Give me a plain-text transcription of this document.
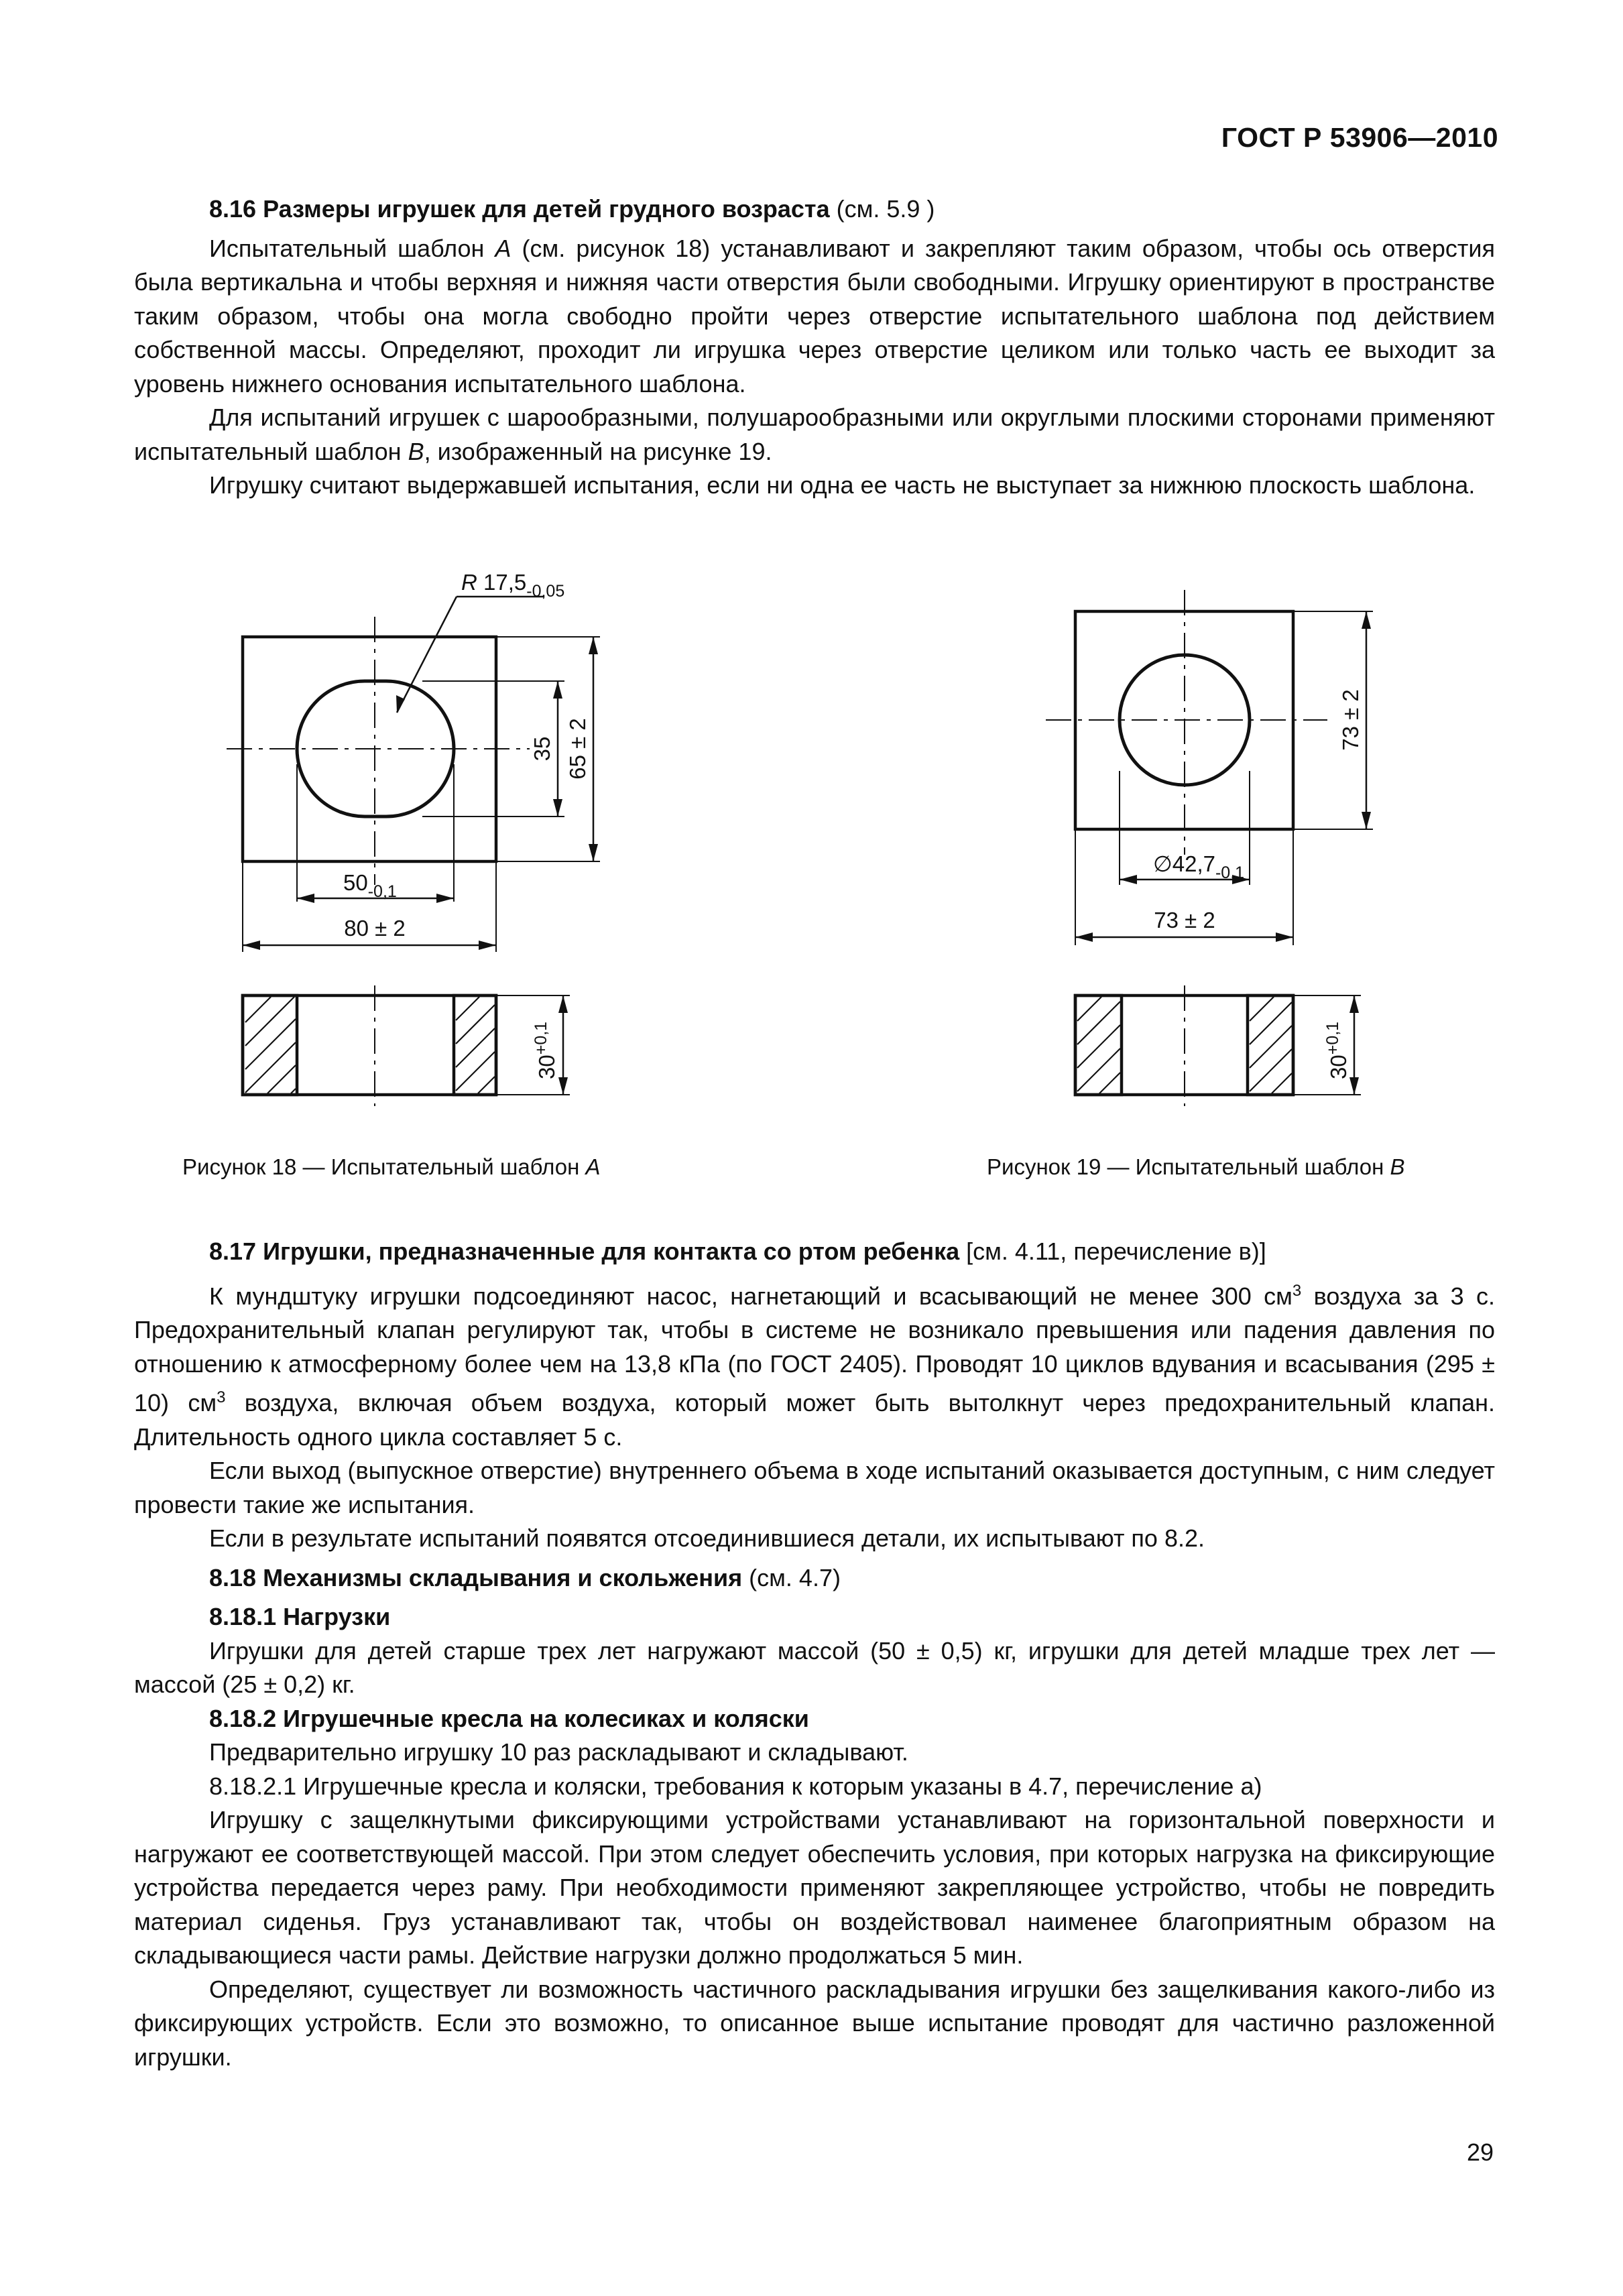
ГОСТ Р 53906—2010

8.16 Размеры игрушек для детей грудного возраста (см. 5.9 )

Испытательный шаблон А (см. рисунок 18) устанавливают и закрепляют таким образом, чтобы ось отверстия была вертикальна и чтобы верхняя и нижняя части отверстия были свободными. Игрушку ориентируют в пространстве таким образом, чтобы она могла свободно пройти через отверстие испытательного шаблона под действием собственной массы. Определяют, проходит ли игрушка через отверстие целиком или только часть ее выходит за уровень нижнего основания испытательного шаблона.

Для испытаний игрушек с шарообразными, полушарообразными или округлыми плоскими сторонами применяют испытательный шаблон В, изображенный на рисунке 19.

Игрушку считают выдержавшей испытания, если ни одна ее часть не выступает за нижнюю плоскость шаблона.

R $17,5_{-0,05}$
$50_{-0,1}$
80 ± 2
35 65 ± 2
$30^{+0,1}$
$\emptyset 42,7_{-0,1}$
73 ± 2
73 ± 2
$30^{+0,1}$
Рисунок 18 — Испытательный шаблон А	Рисунок 19 — Испытательный шаблон В

8.17 Игрушки, предназначенные для контакта со ртом ребенка [см. 4.11, перечисление в)]

К мундштуку игрушки подсоединяют насос, нагнетающий и всасывающий не менее 300 $см^3$ воздуха за 3 с. Предохранительный клапан регулируют так, чтобы в системе не возникало превышения или падения давления по отношению к атмосферному более чем на 13,8 кПа (по ГОСТ 2405). Проводят 10 циклов вдувания и всасывания (295 ± 10) $см^3$ воздуха, включая объем воздуха, который может быть вытолкнут через предохранительный клапан. Длительность одного цикла составляет 5 с.

Если выход (выпускное отверстие) внутреннего объема в ходе испытаний оказывается доступным, с ним следует провести такие же испытания.

Если в результате испытаний появятся отсоединившиеся детали, их испытывают по 8.2.

8.18 Механизмы складывания и скольжения (см. 4.7)

8.18.1 Нагрузки

Игрушки для детей старше трех лет нагружают массой (50 ± 0,5) кг, игрушки для детей младше трех лет — массой (25 ± 0,2) кг.

8.18.2 Игрушечные кресла на колесиках и коляски

Предварительно игрушку 10 раз раскладывают и складывают.

8.18.2.1 Игрушечные кресла и коляски, требования к которым указаны в 4.7, перечисление а)

Игрушку с защелкнутыми фиксирующими устройствами устанавливают на горизонтальной поверхности и нагружают ее соответствующей массой. При этом следует обеспечить условия, при которых нагрузка на фиксирующие устройства передается через раму. При необходимости применяют закрепляющее устройство, чтобы не повредить материал сиденья. Груз устанавливают так, чтобы он воздействовал наименее благоприятным образом на складывающиеся части рамы. Действие нагрузки должно продолжаться 5 мин.

Определяют, существует ли возможность частичного раскладывания игрушки без защелкивания какого-либо из фиксирующих устройств. Если это возможно, то описанное выше испытание проводят для частично разложенной игрушки.

29
